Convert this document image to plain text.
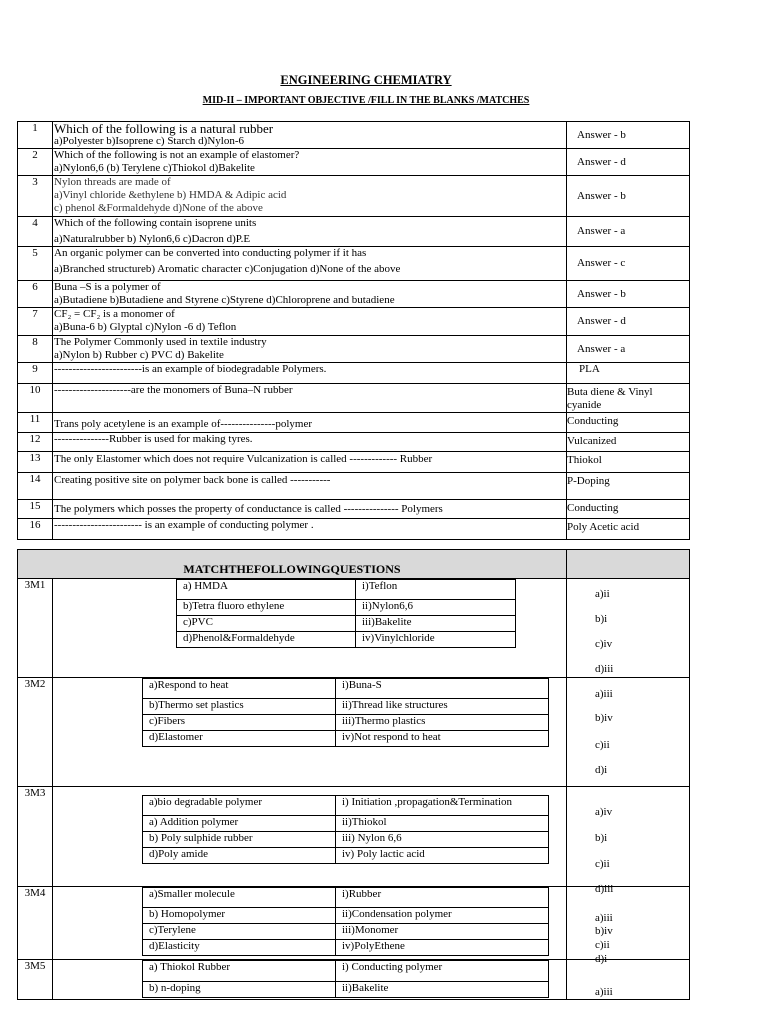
ENGINEERING CHEMIATRY
MID-II – IMPORTANT OBJECTIVE /FILL IN THE BLANKS /MATCHES
1	Which of the following is a natural rubber
a)Polyester b)Isoprene c) Starch d)Nylon-6	Answer - b
2	Which of the following is not an example of elastomer?
a)Nylon6,6 (b) Terylene c)Thiokol d)Bakelite	Answer - d
3	Nylon threads are made of
a)Vinyl chloride &ethylene b) HMDA & Adipic acid
c) phenol &Formaldehyde d)None of the above	Answer - b
4	Which of the following contain isoprene units
a)Naturalrubber b) Nylon6,6 c)Dacron d)P.E	Answer - a
5	An organic polymer can be converted into conducting polymer if it has
a)Branched structureb) Aromatic character c)Conjugation d)None of the above	Answer - c
6	Buna –S is a polymer of
a)Butadiene b)Butadiene and Styrene c)Styrene d)Chloroprene and butadiene	Answer - b
7	CF₂ = CF₂ is a monomer of
a)Buna-6 b) Glyptal c)Nylon -6 d) Teflon	Answer - d
8	The Polymer Commonly used in textile industry
a)Nylon b) Rubber c) PVC d) Bakelite	Answer - a
9	------------------------is an example of biodegradable Polymers.	PLA
10	---------------------are the monomers of Buna–N rubber	Buta diene & Vinyl cyanide
11	Trans poly acetylene is an example of---------------polymer	Conducting
12	---------------Rubber is used for making tyres.	Vulcanized
13	The only Elastomer which does not require Vulcanization is called ------------- Rubber	Thiokol
14	Creating positive site on polymer back bone is called -----------	P-Doping
15	The polymers which posses the property of conductance is called --------------- Polymers	Conducting
16	------------------------ is an example of conducting polymer .	Poly Acetic acid
MATCHTHEFOLLOWINGQUESTIONS	
3M1		a) HMDA	i)Teflon
b)Tetra fluoro ethylene	ii)Nylon6,6
c)PVC	iii)Bakelite
d)Phenol&Formaldehyde	iv)Vinylchloride

a)ii
b)i
c)iv
d)iii

3M2		a)Respond to heat	i)Buna-S
b)Thermo set plastics	ii)Thread like structures
c)Fibers	iii)Thermo plastics
d)Elastomer	iv)Not respond to heat

a)iii
b)iv
c)ii
d)i

3M3	
a)bio degradable polymer	i) Initiation ,propagation&Termination
a) Addition polymer	ii)Thiokol
b) Poly sulphide rubber	iii) Nylon 6,6
d)Poly amide	iv) Poly lactic acid

a)iv
b)i
c)ii
d)iii

3M4		a)Smaller molecule	i)Rubber
b) Homopolymer	ii)Condensation polymer
c)Terylene	iii)Monomer
d)Elasticity	iv)PolyEthene

a)iii
b)iv
c)ii
d)i

3M5		a) Thiokol Rubber	i) Conducting polymer
b) n-doping	ii)Bakelite
		a)iii
